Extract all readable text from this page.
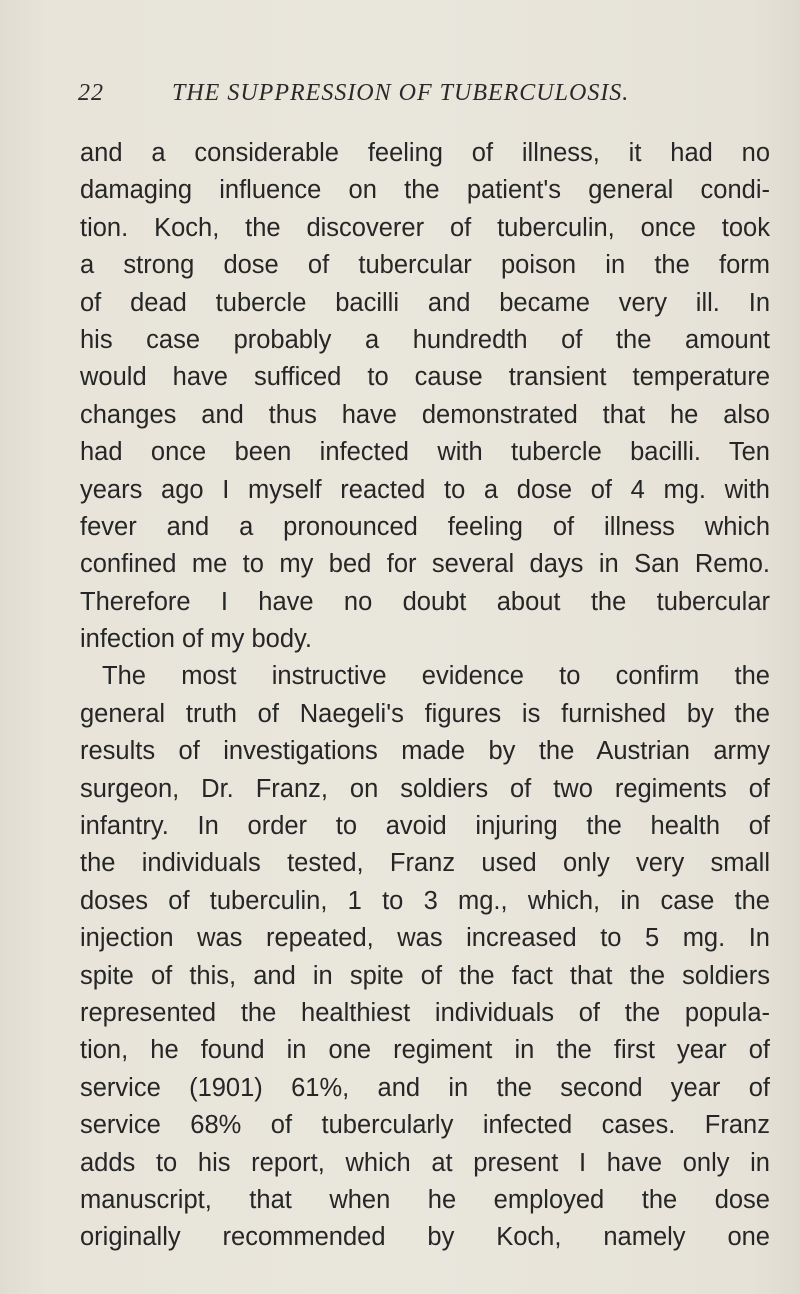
22	THE SUPPRESSION OF TUBERCULOSIS.
and a considerable feeling of illness, it had no
damaging influence on the patient's general condi-
tion. Koch, the discoverer of tuberculin, once took
a strong dose of tubercular poison in the form
of dead tubercle bacilli and became very ill. In
his case probably a hundredth of the amount
would have sufficed to cause transient temperature
changes and thus have demonstrated that he also
had once been infected with tubercle bacilli. Ten
years ago I myself reacted to a dose of 4 mg. with
fever and a pronounced feeling of illness which
confined me to my bed for several days in San Remo.
Therefore I have no doubt about the tubercular
infection of my body.
The most instructive evidence to confirm the
general truth of Naegeli's figures is furnished by the
results of investigations made by the Austrian army
surgeon, Dr. Franz, on soldiers of two regiments of
infantry. In order to avoid injuring the health of
the individuals tested, Franz used only very small
doses of tuberculin, 1 to 3 mg., which, in case the
injection was repeated, was increased to 5 mg. In
spite of this, and in spite of the fact that the soldiers
represented the healthiest individuals of the popula-
tion, he found in one regiment in the first year of
service (1901) 61%, and in the second year of
service 68% of tubercularly infected cases. Franz
adds to his report, which at present I have only in
manuscript, that when he employed the dose
originally recommended by Koch, namely one
